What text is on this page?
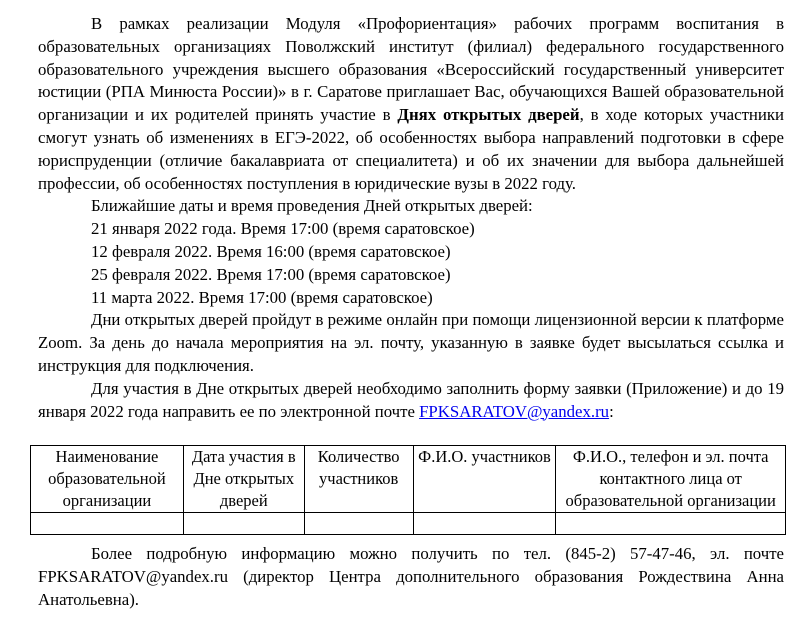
В рамках реализации Модуля «Профориентация» рабочих программ воспитания в образовательных организациях Поволжский институт (филиал) федерального государственного образовательного учреждения высшего образования «Всероссийский государственный университет юстиции (РПА Минюста России)» в г. Саратове приглашает Вас, обучающихся Вашей образовательной организации и их родителей принять участие в Днях открытых дверей, в ходе которых участники смогут узнать об изменениях в ЕГЭ-2022, об особенностях выбора направлений подготовки в сфере юриспруденции (отличие бакалавриата от специалитета) и об их значении для выбора дальнейшей профессии, об особенностях поступления в юридические вузы в 2022 году.

Ближайшие даты и время проведения Дней открытых дверей:

21 января 2022 года. Время 17:00 (время саратовское)

12 февраля 2022. Время 16:00 (время саратовское)

25 февраля 2022. Время 17:00 (время саратовское)

11 марта 2022. Время 17:00 (время саратовское)

Дни открытых дверей пройдут в режиме онлайн при помощи лицензионной версии к платформе Zoom. За день до начала мероприятия на эл. почту, указанную в заявке будет высылаться ссылка и инструкция для подключения.

Для участия в Дне открытых дверей необходимо заполнить форму заявки (Приложение) и до 19 января 2022 года направить ее по электронной почте FPKSARATOV@yandex.ru:

Наименование образовательной организации	Дата участия в Дне открытых дверей	Количество участников	Ф.И.О. участников	Ф.И.О., телефон и эл. почта контактного лица от образовательной организации

Более подробную информацию можно получить по тел. (845-2) 57-47-46, эл. почте FPKSARATOV@yandex.ru (директор Центра дополнительного образования Рождествина Анна Анатольевна).
